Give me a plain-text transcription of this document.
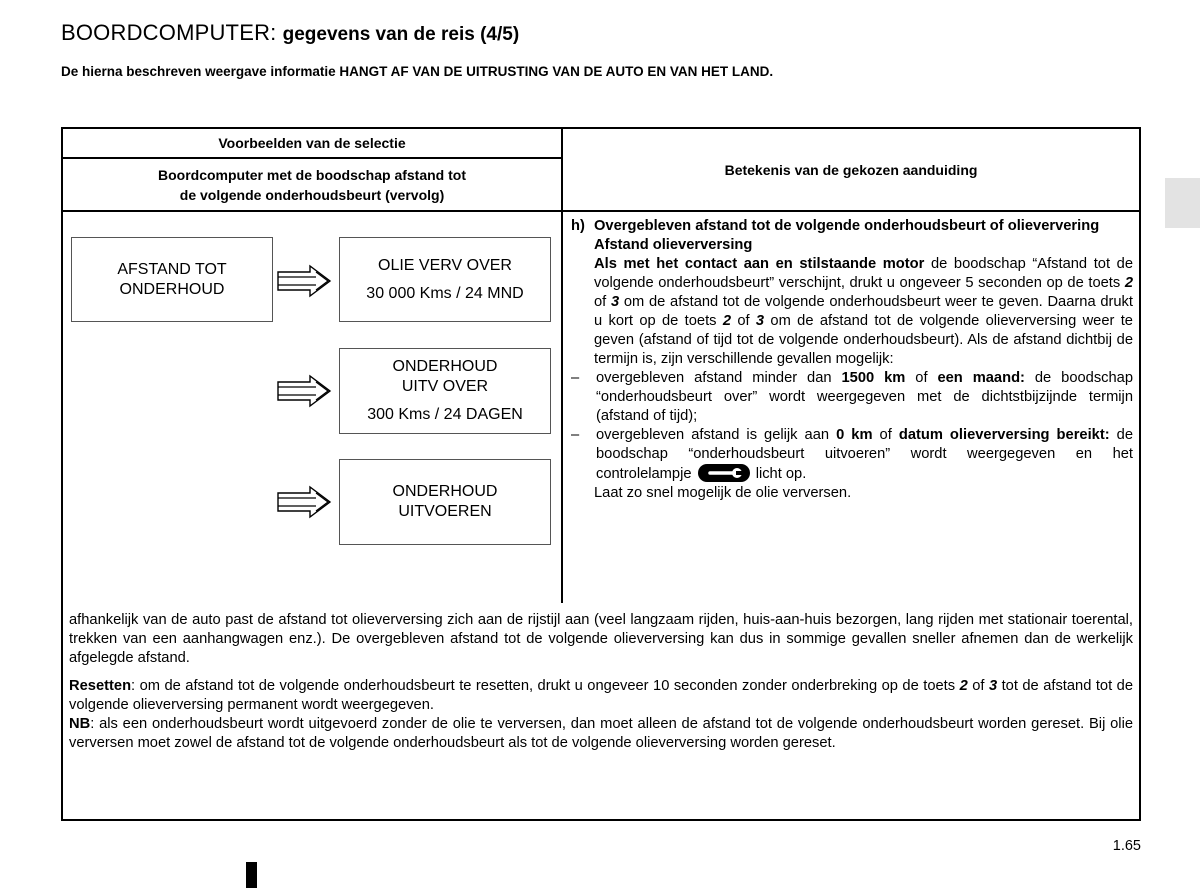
BOORDCOMPUTER: gegevens van de reis (4/5)

De hierna beschreven weergave informatie HANGT AF VAN DE UITRUSTING VAN DE AUTO EN VAN HET LAND.

Voorbeelden van de selectie
Boordcomputer met de boodschap afstand tot
de volgende onderhoudsbeurt (vervolg)
Betekenis van de gekozen aanduiding
AFSTAND TOT
ONDERHOUD
OLIE VERV OVER
30 000 Kms / 24 MND
ONDERHOUD
UITV OVER
300 Kms / 24 DAGEN
ONDERHOUD
UITVOEREN
h) Overgebleven afstand tot de volgende onderhoudsbeurt of olieververing

Afstand olieverversing

Als met het contact aan en stilstaande motor de boodschap “Afstand tot de volgende onderhoudsbeurt” verschijnt, drukt u ongeveer 5 seconden op de toets 2 of 3 om de afstand tot de volgende onderhoudsbeurt weer te geven. Daarna drukt u kort op de toets 2 of 3 om de afstand tot de volgende olieverversing weer te geven (afstand of tijd tot de volgende onderhoudsbeurt). Als de afstand dichtbij de termijn is, zijn verschillende gevallen mogelijk:

–	overgebleven afstand minder dan 1500 km of een maand: de boodschap “onderhoudsbeurt over” wordt weergegeven met de dichtstbijzijnde termijn (afstand of tijd);
–	overgebleven afstand is gelijk aan 0 km of datum olieverversing bereikt: de boodschap “onderhoudsbeurt uitvoeren” wordt weergegeven en het controlelampje	licht op.

Laat zo snel mogelijk de olie verversen.

afhankelijk van de auto past de afstand tot olieverversing zich aan de rijstijl aan (veel langzaam rijden, huis-aan-huis bezorgen, lang rijden met stationair toerental, trekken van een aanhangwagen enz.). De overgebleven afstand tot de volgende olieverversing kan dus in sommige gevallen sneller afnemen dan de werkelijk afgelegde afstand.

Resetten: om de afstand tot de volgende onderhoudsbeurt te resetten, drukt u ongeveer 10 seconden zonder onderbreking op de toets 2 of 3 tot de afstand tot de volgende olieverversing permanent wordt weergegeven.

NB: als een onderhoudsbeurt wordt uitgevoerd zonder de olie te verversen, dan moet alleen de afstand tot de volgende onderhoudsbeurt worden gereset. Bij olie verversen moet zowel de afstand tot de volgende onderhoudsbeurt als tot de volgende olieverversing worden gereset.

1.65
